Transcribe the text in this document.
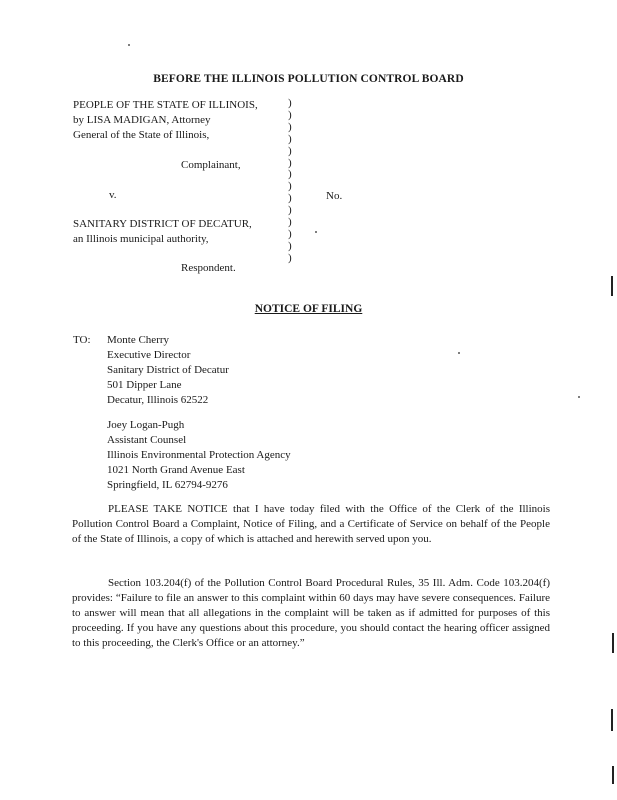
BEFORE THE ILLINOIS POLLUTION CONTROL BOARD
PEOPLE OF THE STATE OF ILLINOIS,
by LISA MADIGAN, Attorney
General of the State of Illinois,
Complainant,
v.
SANITARY DISTRICT OF DECATUR,
an Illinois municipal authority,
Respondent.
)
)
)
)
)
)
)
)
)
)
)
)
)
)
No.
NOTICE OF FILING
TO: Monte Cherry
Executive Director
Sanitary District of Decatur
501 Dipper Lane
Decatur, Illinois 62522
Joey Logan-Pugh
Assistant Counsel
Illinois Environmental Protection Agency
1021 North Grand Avenue East
Springfield, IL 62794-9276
PLEASE TAKE NOTICE that I have today filed with the Office of the Clerk of the Illinois Pollution Control Board a Complaint, Notice of Filing, and a Certificate of Service on behalf of the People of the State of Illinois, a copy of which is attached and herewith served upon you.
Section 103.204(f) of the Pollution Control Board Procedural Rules, 35 Ill. Adm. Code 103.204(f) provides: “Failure to file an answer to this complaint within 60 days may have severe consequences. Failure to answer will mean that all allegations in the complaint will be taken as if admitted for purposes of this proceeding. If you have any questions about this procedure, you should contact the hearing officer assigned to this proceeding, the Clerk's Office or an attorney.”
